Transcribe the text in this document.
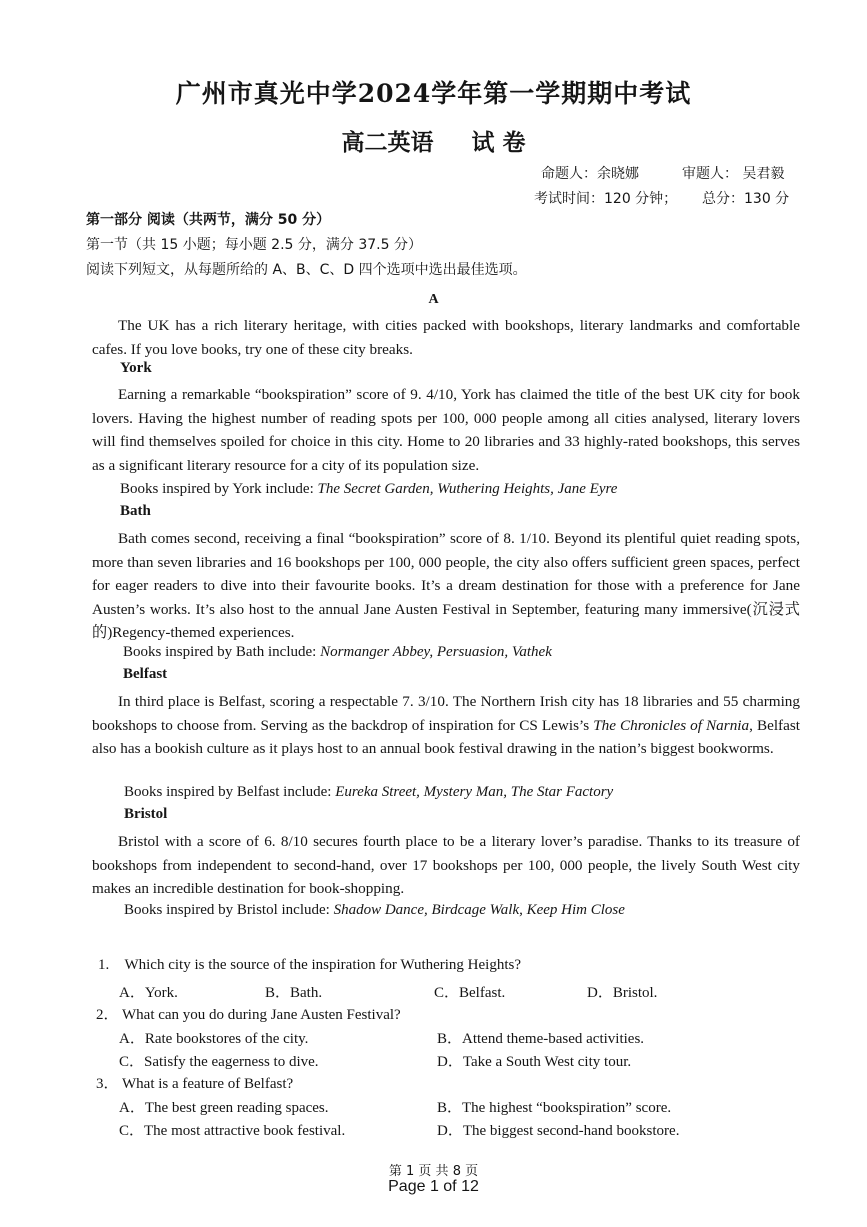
广州市真光中学2024学年第一学期期中考试
高二英语 试 卷
命题人：余晓娜	审题人： 吴君毅
考试时间：120 分钟； 总分：130 分
第一部分 阅读（共两节，满分 50 分）
第一节（共 15 小题；每小题 2.5 分，满分 37.5 分）
阅读下列短文，从每题所给的 A、B、C、D 四个选项中选出最佳选项。
A
The UK has a rich literary heritage, with cities packed with bookshops, literary landmarks and comfortable cafes. If you love books, try one of these city breaks.
York
Earning a remarkable “bookspiration” score of 9. 4/10, York has claimed the title of the best UK city for book lovers. Having the highest number of reading spots per 100, 000 people among all cities analysed, literary lovers will find themselves spoiled for choice in this city. Home to 20 libraries and 33 highly-rated bookshops, this serves as a significant literary resource for a city of its population size.
Books inspired by York include: The Secret Garden, Wuthering Heights, Jane Eyre
Bath
Bath comes second, receiving a final “bookspiration” score of 8. 1/10. Beyond its plentiful quiet reading spots, more than seven libraries and 16 bookshops per 100, 000 people, the city also offers sufficient green spaces, perfect for eager readers to dive into their favourite books. It’s a dream destination for those with a preference for Jane Austen’s works. It’s also host to the annual Jane Austen Festival in September, featuring many immersive(沉浸式的)Regency-themed experiences.
Books inspired by Bath include: Normanger Abbey, Persuasion, Vathek
Belfast
In third place is Belfast, scoring a respectable 7. 3/10. The Northern Irish city has 18 libraries and 55 charming bookshops to choose from. Serving as the backdrop of inspiration for CS Lewis’s The Chronicles of Narnia, Belfast also has a bookish culture as it plays host to an annual book festival drawing in the nation’s biggest bookworms.
Books inspired by Belfast include: Eureka Street, Mystery Man, The Star Factory
Bristol
Bristol with a score of 6. 8/10 secures fourth place to be a literary lover’s paradise. Thanks to its treasure of bookshops from independent to second-hand, over 17 bookshops per 100, 000 people, the lively South West city makes an incredible destination for book-shopping.
Books inspired by Bristol include: Shadow Dance, Birdcage Walk, Keep Him Close
1. Which city is the source of the inspiration for Wuthering Heights?
A．York.	B．Bath.	C．Belfast.	D．Bristol.
2． What can you do during Jane Austen Festival?
A．Rate bookstores of the city.	B．Attend theme-based activities.
C．Satisfy the eagerness to dive.	D．Take a South West city tour.
3． What is a feature of Belfast?
A．The best green reading spaces.	B．The highest “bookspiration” score.
C．The most attractive book festival.	D．The biggest second-hand bookstore.
第 1 页 共 8 页
Page 1 of 12
